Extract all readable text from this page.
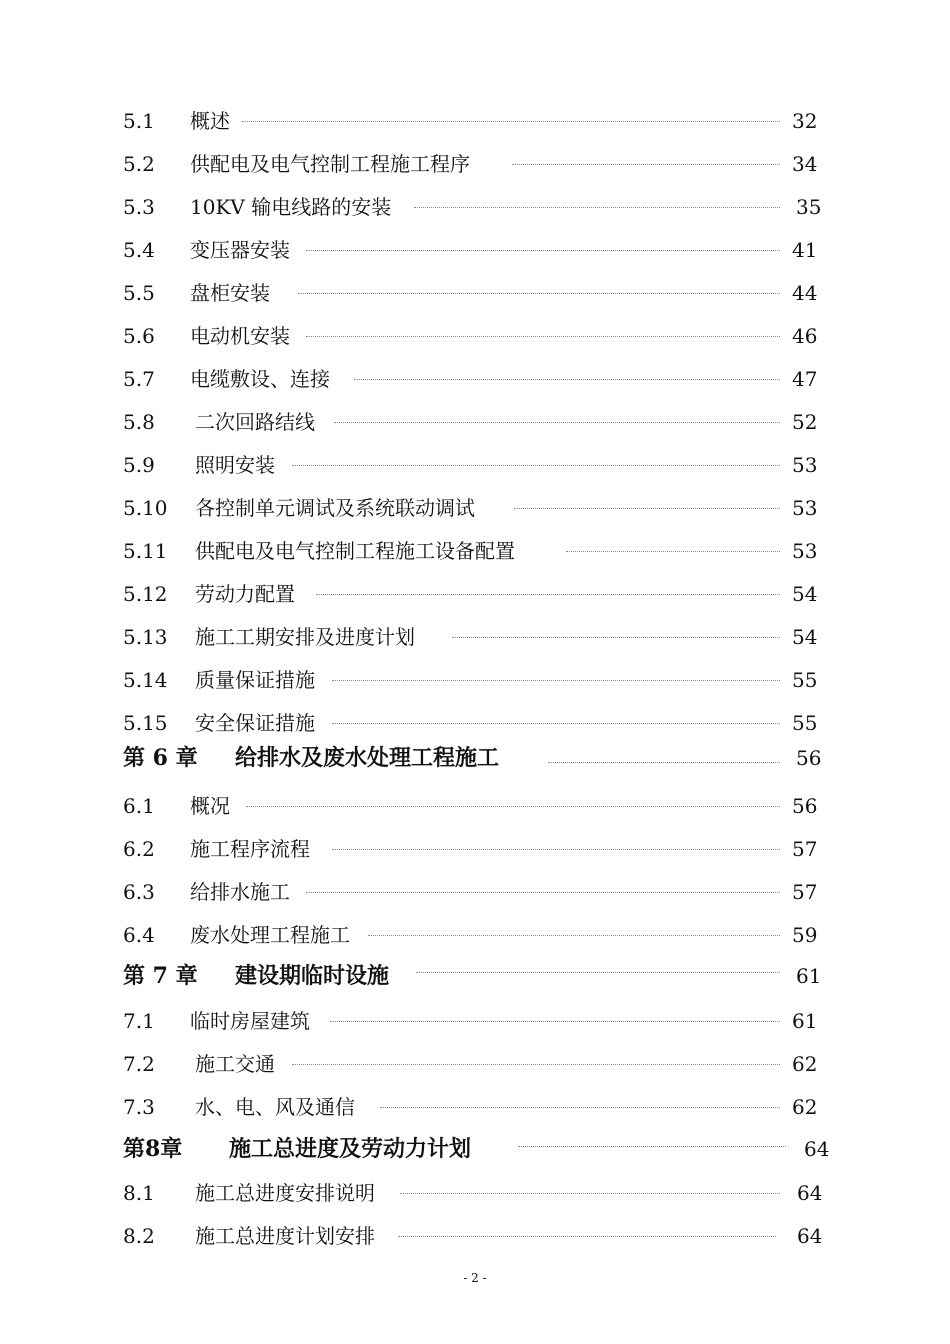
5.1 概述	32
5.2 供配电及电气控制工程施工程序	34
5.3 10KV 输电线路的安装	35
5.4 变压器安装	41
5.5 盘柜安装	44
5.6 电动机安装	46
5.7 电缆敷设、连接	47
5.8 二次回路结线	52
5.9 照明安装	53
5.10 各控制单元调试及系统联动调试	53
5.11 供配电及电气控制工程施工设备配置	53
5.12 劳动力配置	54
5.13 施工工期安排及进度计划	54
5.14 质量保证措施	55
5.15 安全保证措施	55
第 6 章 给排水及废水处理工程施工	56
6.1 概况	56
6.2 施工程序流程	57
6.3 给排水施工	57
6.4 废水处理工程施工	59
第 7 章 建设期临时设施	61
7.1 临时房屋建筑	61
7.2 施工交通	62
7.3 水、电、风及通信	62
第8章 施工总进度及劳动力计划	64
8.1 施工总进度安排说明	64
8.2 施工总进度计划安排	64
- 2 -
